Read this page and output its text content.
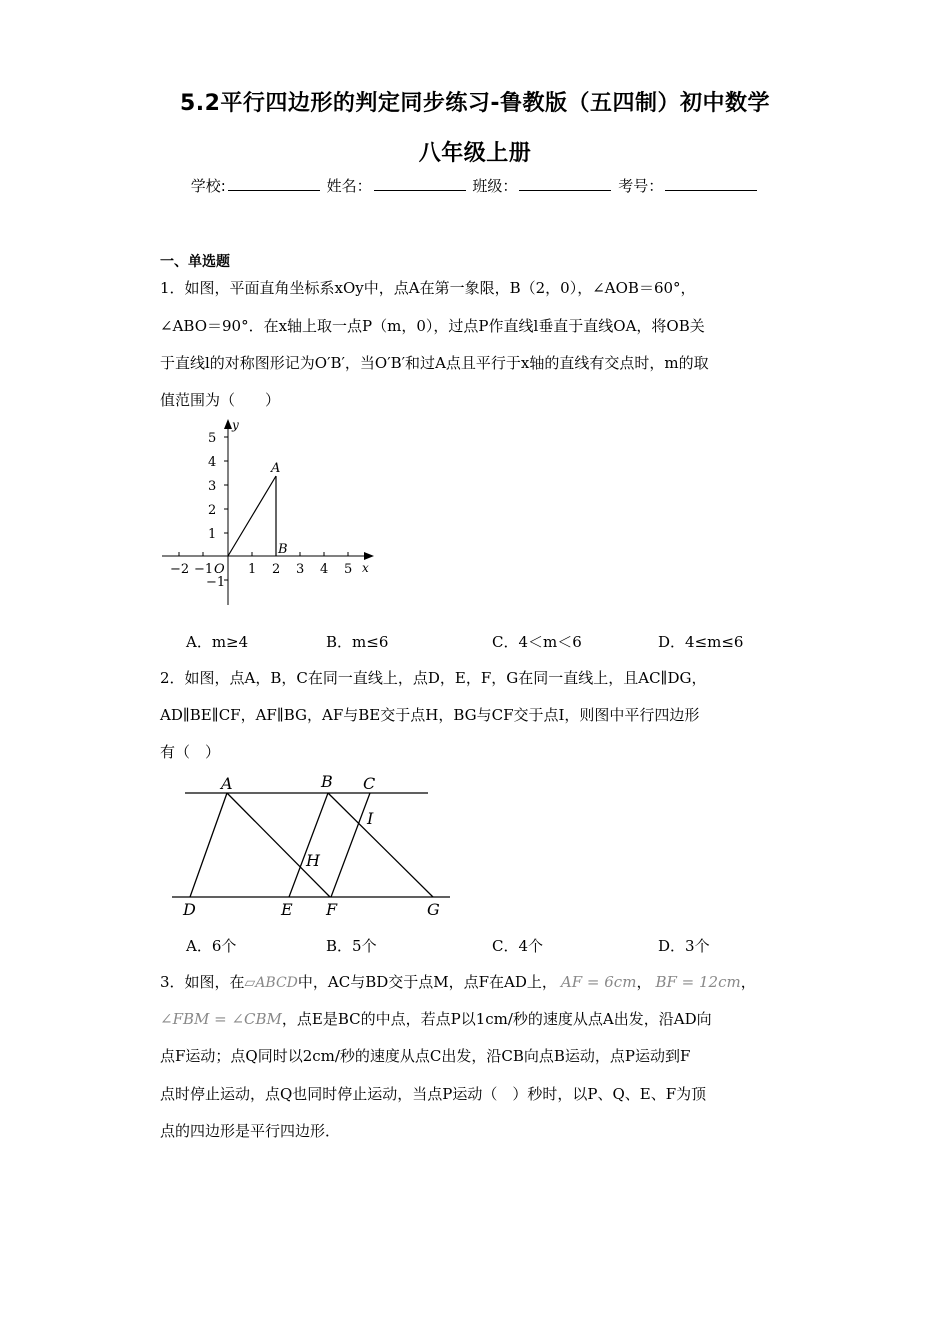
5.2平行四边形的判定同步练习-鲁教版（五四制）初中数学
八年级上册
学校:	姓名：	班级：	考号：
一、单选题
1．如图，平面直角坐标系xOy中，点A在第一象限，B（2，0），∠AOB＝60°，
∠ABO＝90°．在x轴上取一点P（m，0），过点P作直线l垂直于直线OA，将OB关
于直线l的对称图形记为O′B′，当O′B′和过A点且平行于x轴的直线有交点时，m的取
值范围为（　　）
y
x
5
4
3
2
1
−1
−2 −1 O 1 2 3 4 5
A
B
A．m≥4	B．m≤6	C．4＜m＜6	D．4≤m≤6
2．如图，点A，B，C在同一直线上，点D，E，F，G在同一直线上，且AC∥DG，
AD∥BE∥CF，AF∥BG，AF与BE交于点H，BG与CF交于点I，则图中平行四边形
有（　）
A	B C
D	E F	G
H
I
A．6个	B．5个	C．4个	D．3个
3．如图，在▱ABCD中，AC与BD交于点M，点F在AD上， AF = 6cm， BF = 12cm，
∠FBM = ∠CBM，点E是BC的中点，若点P以1cm/秒的速度从点A出发，沿AD向
点F运动；点Q同时以2cm/秒的速度从点C出发，沿CB向点B运动，点P运动到F
点时停止运动，点Q也同时停止运动，当点P运动（　）秒时，以P、Q、E、F为顶
点的四边形是平行四边形．
